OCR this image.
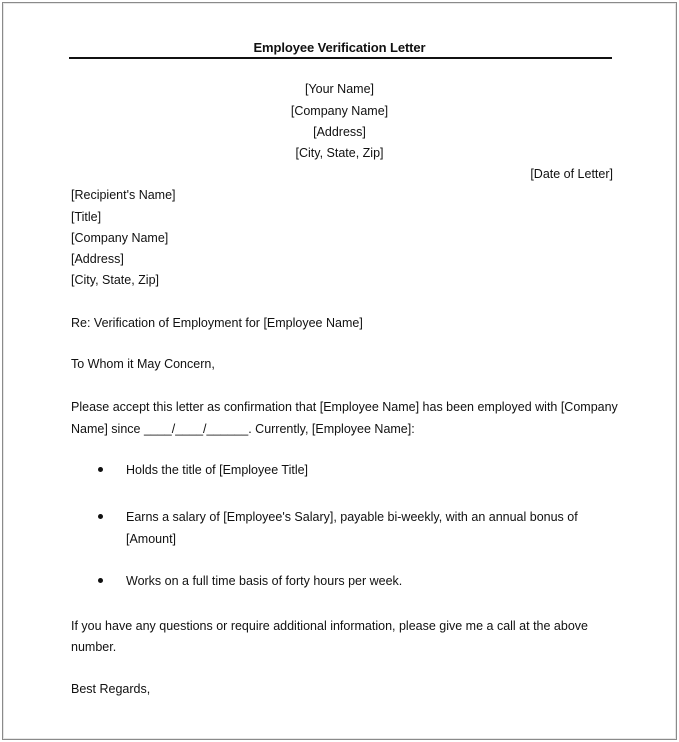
Employee Verification Letter
[Your Name]
[Company Name]
[Address]
[City, State, Zip]
[Date of Letter]
[Recipient's Name]
[Title]
[Company Name]
[Address]
[City, State, Zip]
Re: Verification of Employment for [Employee Name]
To Whom it May Concern,
Please accept this letter as confirmation that [Employee Name] has been employed with [Company
Name] since ____/____/______. Currently, [Employee Name]:
Holds the title of [Employee Title]
Earns a salary of [Employee's Salary], payable bi-weekly, with an annual bonus of
[Amount]
Works on a full time basis of forty hours per week.
If you have any questions or require additional information, please give me a call at the above
number.
Best Regards,
